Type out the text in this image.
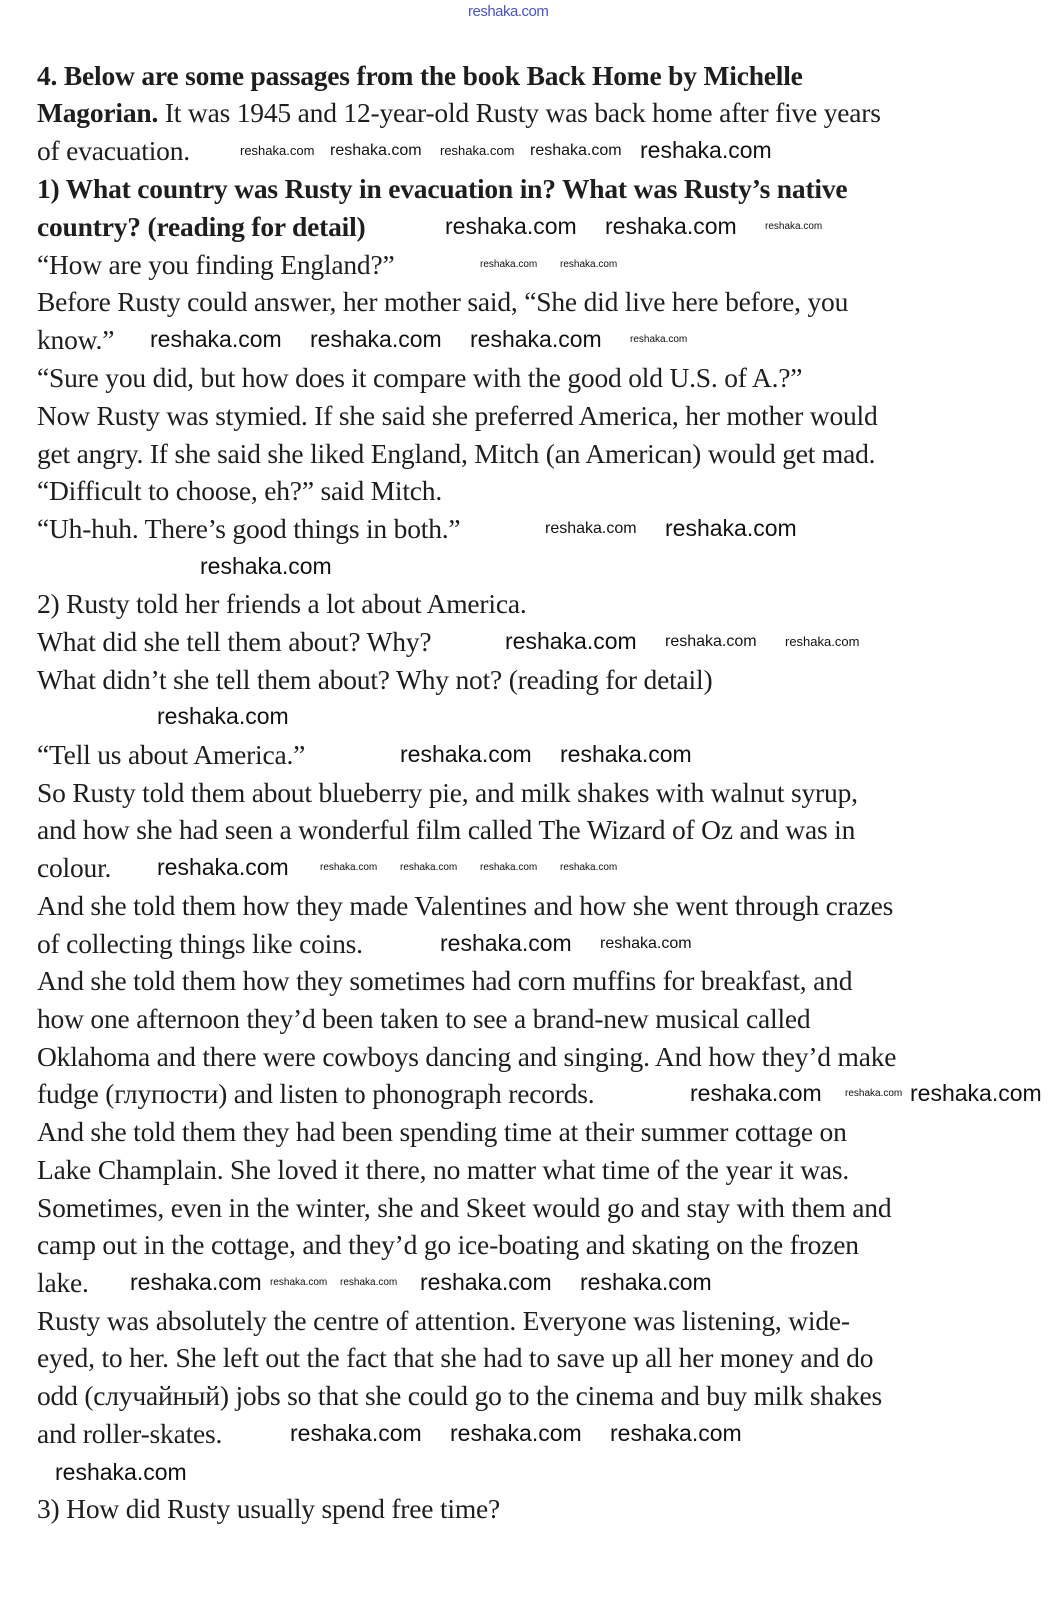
reshaka.com
4. Below are some passages from the book Back Home by Michelle
Magorian. It was 1945 and 12-year-old Rusty was back home after five years
of evacuation.
1) What country was Rusty in evacuation in? What was Rusty’s native
country? (reading for detail)
“How are you finding England?”
Before Rusty could answer, her mother said, “She did live here before, you
know.”
“Sure you did, but how does it compare with the good old U.S. of A.?”
Now Rusty was stymied. If she said she preferred America, her mother would
get angry. If she said she liked England, Mitch (an American) would get mad.
“Difficult to choose, eh?” said Mitch.
“Uh-huh. There’s good things in both.”
2) Rusty told her friends a lot about America.
What did she tell them about? Why?
What didn’t she tell them about? Why not? (reading for detail)
“Tell us about America.”
So Rusty told them about blueberry pie, and milk shakes with walnut syrup,
and how she had seen a wonderful film called The Wizard of Oz and was in
colour.
And she told them how they made Valentines and how she went through crazes
of collecting things like coins.
And she told them how they sometimes had corn muffins for breakfast, and
how one afternoon they’d been taken to see a brand-new musical called
Oklahoma and there were cowboys dancing and singing. And how they’d make
fudge (глупости) and listen to phonograph records.
And she told them they had been spending time at their summer cottage on
Lake Champlain. She loved it there, no matter what time of the year it was.
Sometimes, even in the winter, she and Skeet would go and stay with them and
camp out in the cottage, and they’d go ice-boating and skating on the frozen
lake.
Rusty was absolutely the centre of attention. Everyone was listening, wide-
eyed, to her. She left out the fact that she had to save up all her money and do
odd (случайный) jobs so that she could go to the cinema and buy milk shakes
and roller-skates.
3) How did Rusty usually spend free time?
reshaka.com reshaka.com reshaka.com reshaka.com reshaka.com
reshaka.com reshaka.com	reshaka.com
reshaka.com reshaka.com
reshaka.com reshaka.com reshaka.com	reshaka.com
reshaka.com reshaka.com
reshaka.com
reshaka.com reshaka.com reshaka.com
reshaka.com
reshaka.com reshaka.com
reshaka.com
reshaka.com reshaka.com
reshaka.com
reshaka.com reshaka.com
reshaka.com
reshaka.com
reshaka.com reshaka.com
reshaka.com
reshaka.com	reshaka.com reshaka.com reshaka.com
reshaka.com reshaka.com reshaka.com
reshaka.com
